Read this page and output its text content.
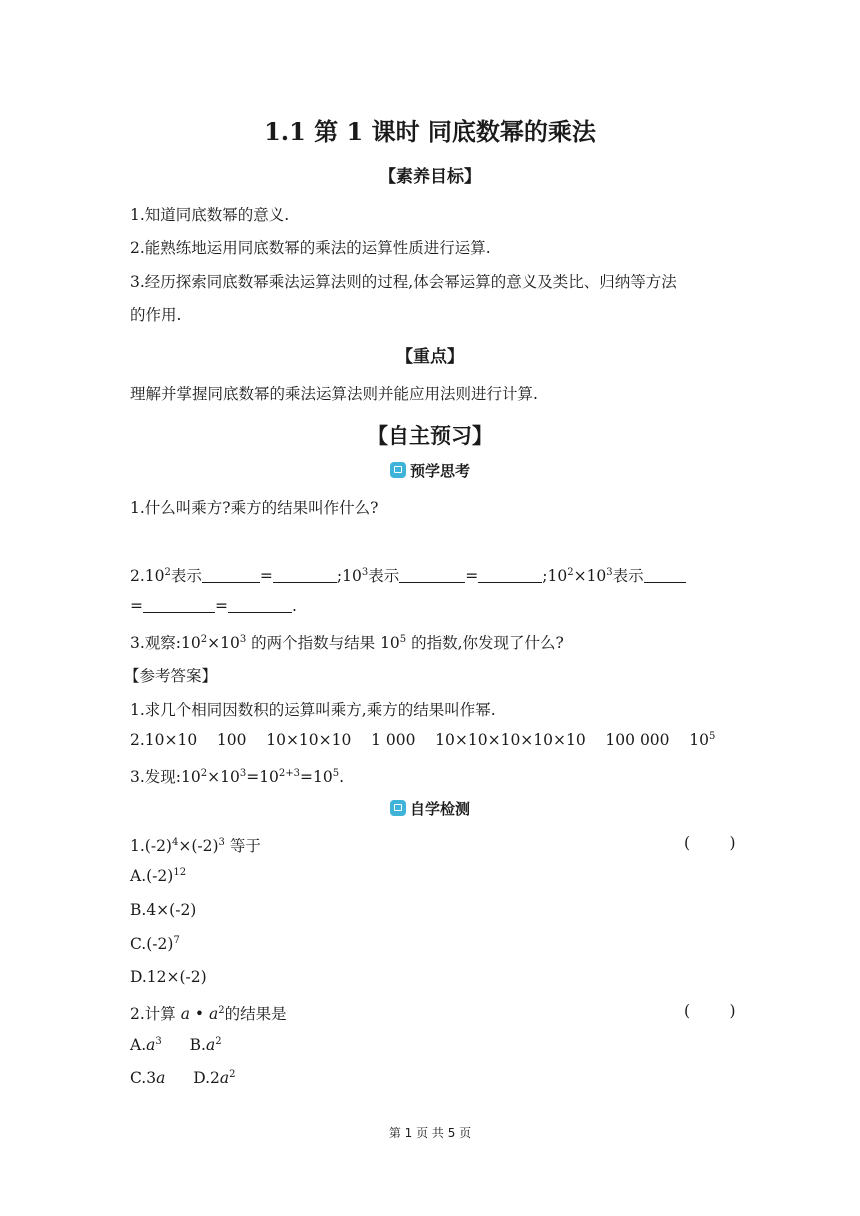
1.1 第 1 课时 同底数幂的乘法
【素养目标】
1.知道同底数幂的意义.
2.能熟练地运用同底数幂的乘法的运算性质进行运算.
3.经历探索同底数幂乘法运算法则的过程,体会幂运算的意义及类比、归纳等方法
的作用.
【重点】
理解并掌握同底数幂的乘法运算法则并能应用法则进行计算.
【自主预习】
预学思考
1.什么叫乘方?乘方的结果叫作什么?
2.10$^2$表示	=	$;10^3$表示	=	$;10^2\times 10^3$表示
=	=	.
3.观察$:10^2\times 10^3$ 的两个指数与结果 $10^5$ 的指数,你发现了什么?
【参考答案】
1.求几个相同因数积的运算叫乘方,乘方的结果叫作幂.
2.10×10    100    10×10×10    1 000    10×10×10×10×10    100 000    $10^5$
3.发现$:10^2\times 10^3=10^{2+3}=10^5$.
自学检测
$1.(-2)^4\times(-2)^3$ 等于	(        )
$A.(-2)^{12}$
B.4×(-2)
$C.(-2)^7$
D.12×(-2)
2.计算 a • $a^2$的结果是	(        )
$A.a^3$ $B.a^2$
C.3a $D.2a^2$
第 1 页 共 5 页
